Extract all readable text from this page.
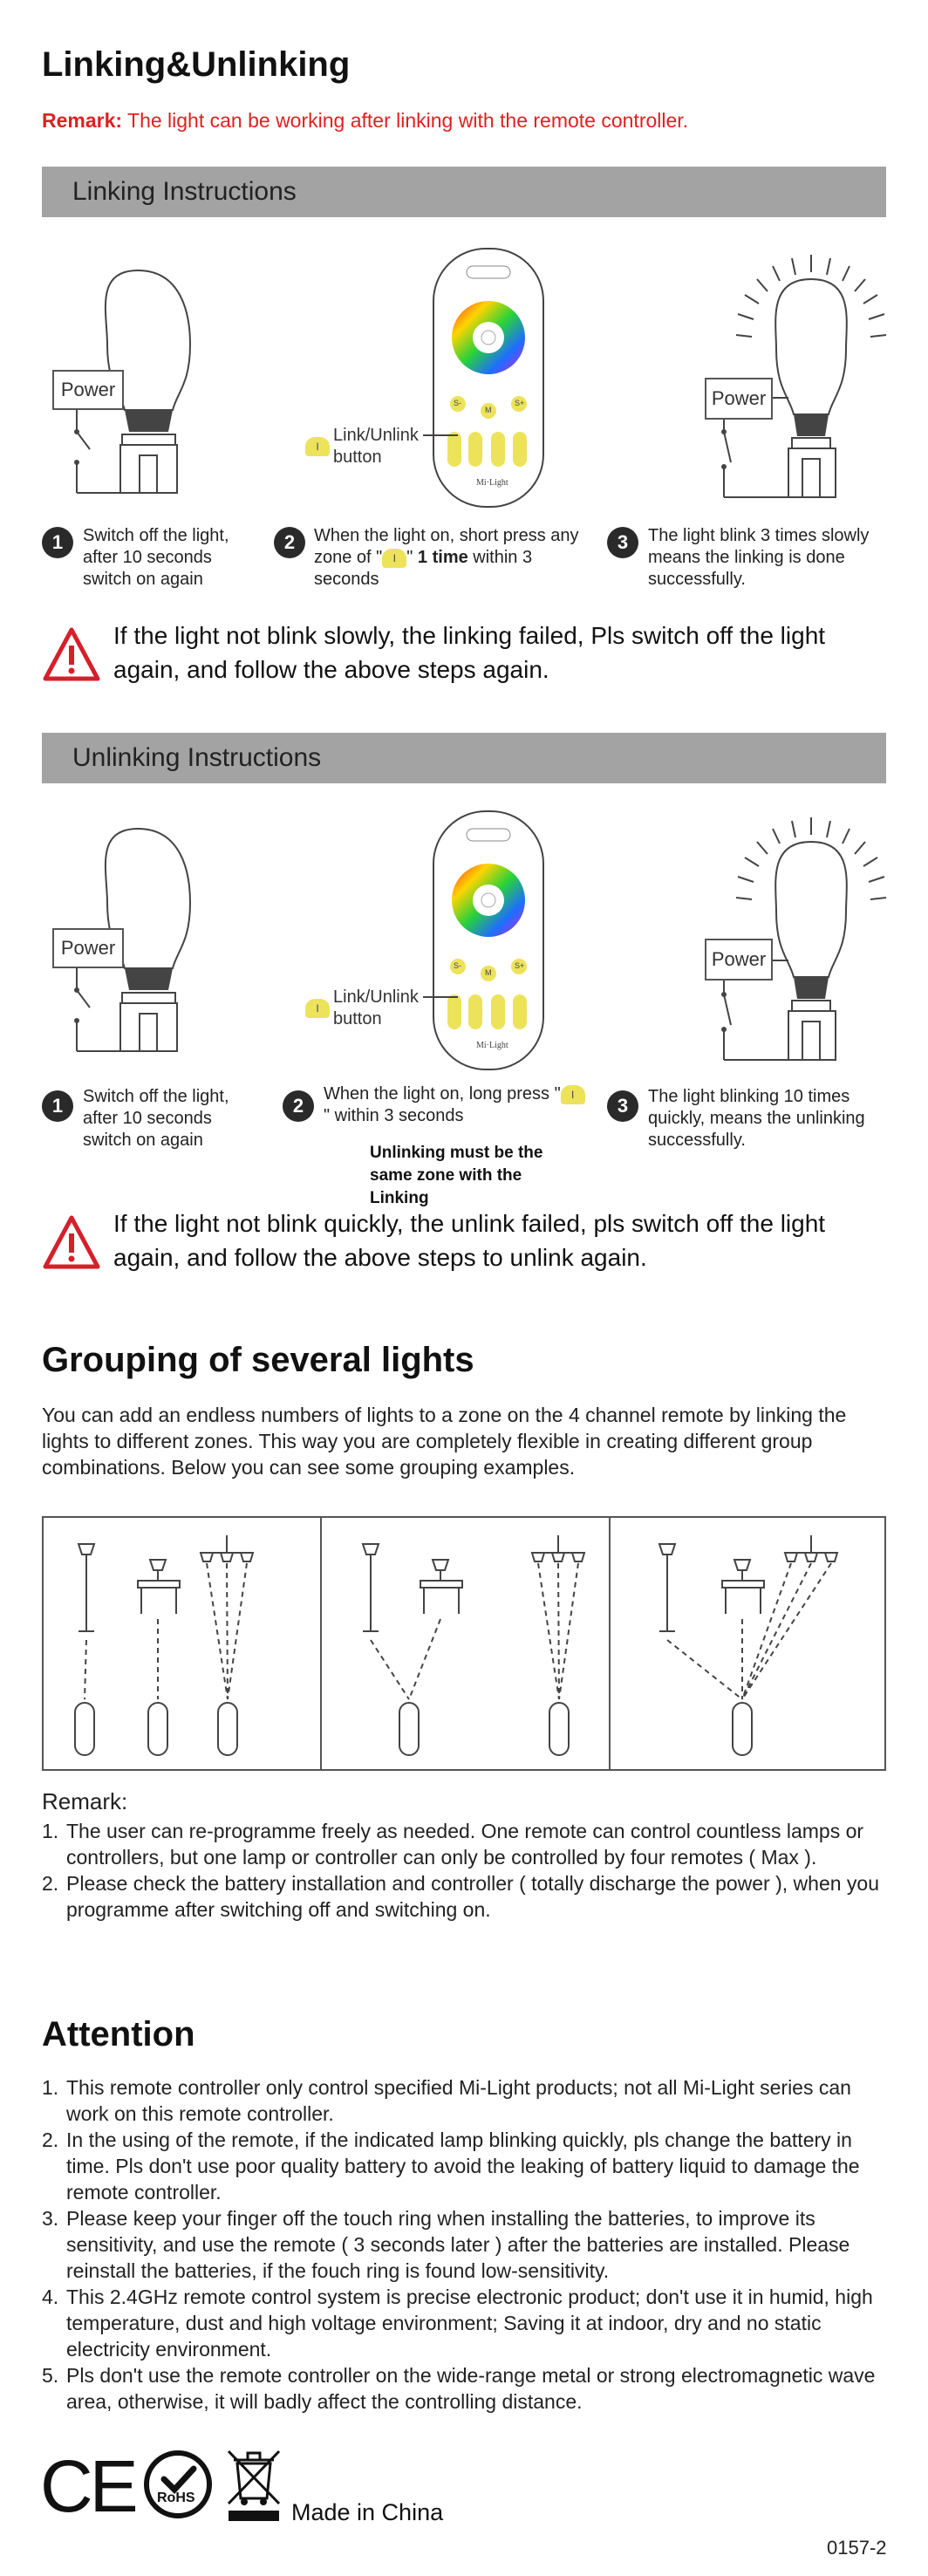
Linking&Unlinking
Remark: The light can be working after linking with the remote controller.
Linking Instructions
Power
Mi·Light
S-
M
S+
I
Link/Unlink
button
Power
1	Switch off the light, after 10 seconds switch on again
2	When the light on, short press any zone of " I " 1 time within 3 seconds
3	The light blink 3 times slowly means the linking is done successfully.
If the light not blink slowly, the linking failed, Pls switch off the light again, and follow the above steps again.
Unlinking Instructions
Power
Mi·Light
S-
M
S+
I
Link/Unlink
button
Power
1	Switch off the light, after 10 seconds switch on again
2
When the light on, long press " I" within 3 seconds
Unlinking must be the same zone with the Linking
3	The light blinking 10 times quickly, means the unlinking successfully.
If the light not blink quickly, the unlink failed, pls switch off the light again, and follow the above steps to unlink again.
Grouping of several lights
You can add an endless numbers of lights to a zone on the 4 channel remote by linking the lights to different zones. This way you are completely flexible in creating different group combinations. Below you can see some grouping examples.
Remark:
1. The user can re-programme freely as needed. One remote can control countless lamps or controllers, but one lamp or controller can only be controlled by four remotes ( Max ).
2. Please check the battery installation and controller ( totally discharge the power ), when you programme after switching off and switching on.
Attention
1. This remote controller only control specified Mi-Light products; not all Mi-Light series can work on this remote controller.
2. In the using of the remote, if the indicated lamp blinking quickly, pls change the battery in time. Pls don't use poor quality battery to avoid the leaking of battery liquid to damage the remote controller.
3. Please keep your finger off the touch ring when installing the batteries, to improve its sensitivity, and use the remote ( 3 seconds later ) after the batteries are installed. Please reinstall the batteries, if the fouch ring is found low-sensitivity.
4. This 2.4GHz remote control system is precise electronic product; don't use it in humid, high temperature, dust and high voltage environment; Saving it at indoor, dry and no static electricity environment.
5. Pls don't use the remote controller on the wide-range metal or strong electromagnetic wave area, otherwise, it will badly affect the controlling distance.
CE RoHS
Made in China
0157-2
